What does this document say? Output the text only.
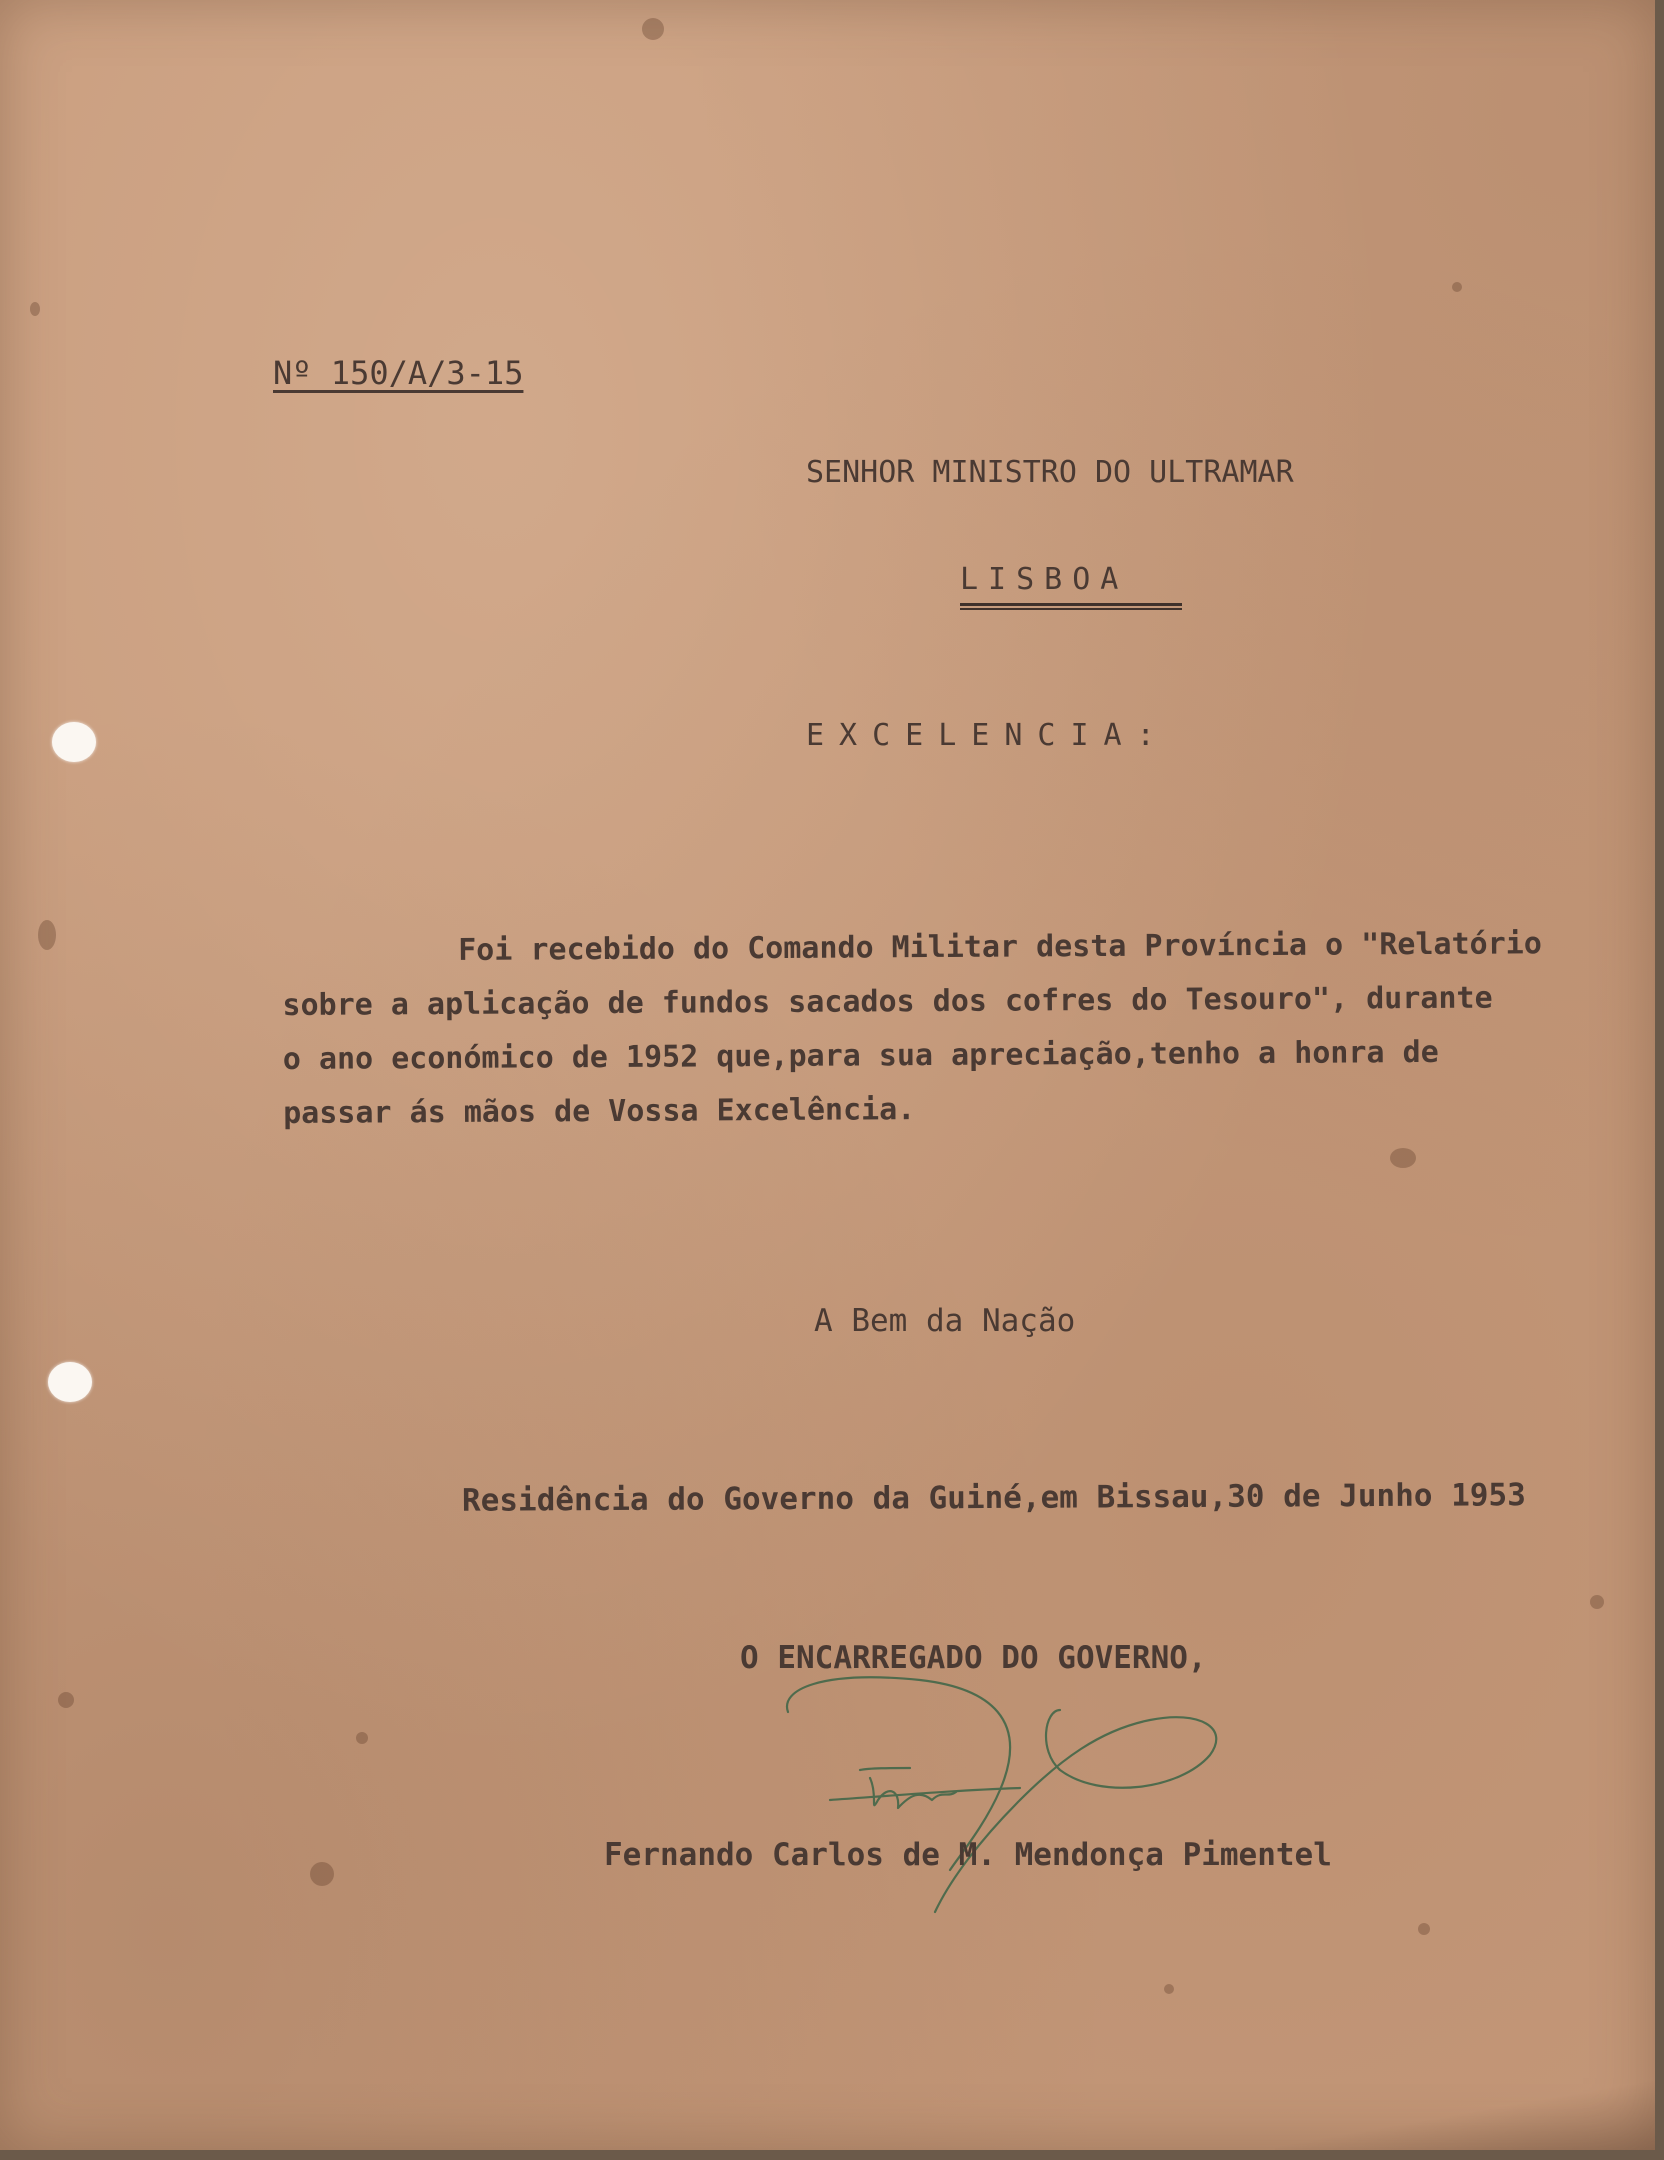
Nº 150/A/3-15

SENHOR MINISTRO DO ULTRAMAR

LISBOA

EXCELENCIA:

Foi recebido do Comando Militar desta Província o "Relatório
sobre a aplicação de fundos sacados dos cofres do Tesouro", durante
o ano económico de 1952 que,para sua apreciação,tenho a honra de
passar ás mãos de Vossa Excelência.

A Bem da Nação

Residência do Governo da Guiné,em Bissau,30 de Junho 1953

O ENCARREGADO DO GOVERNO,

Fernando Carlos de M. Mendonça Pimentel
